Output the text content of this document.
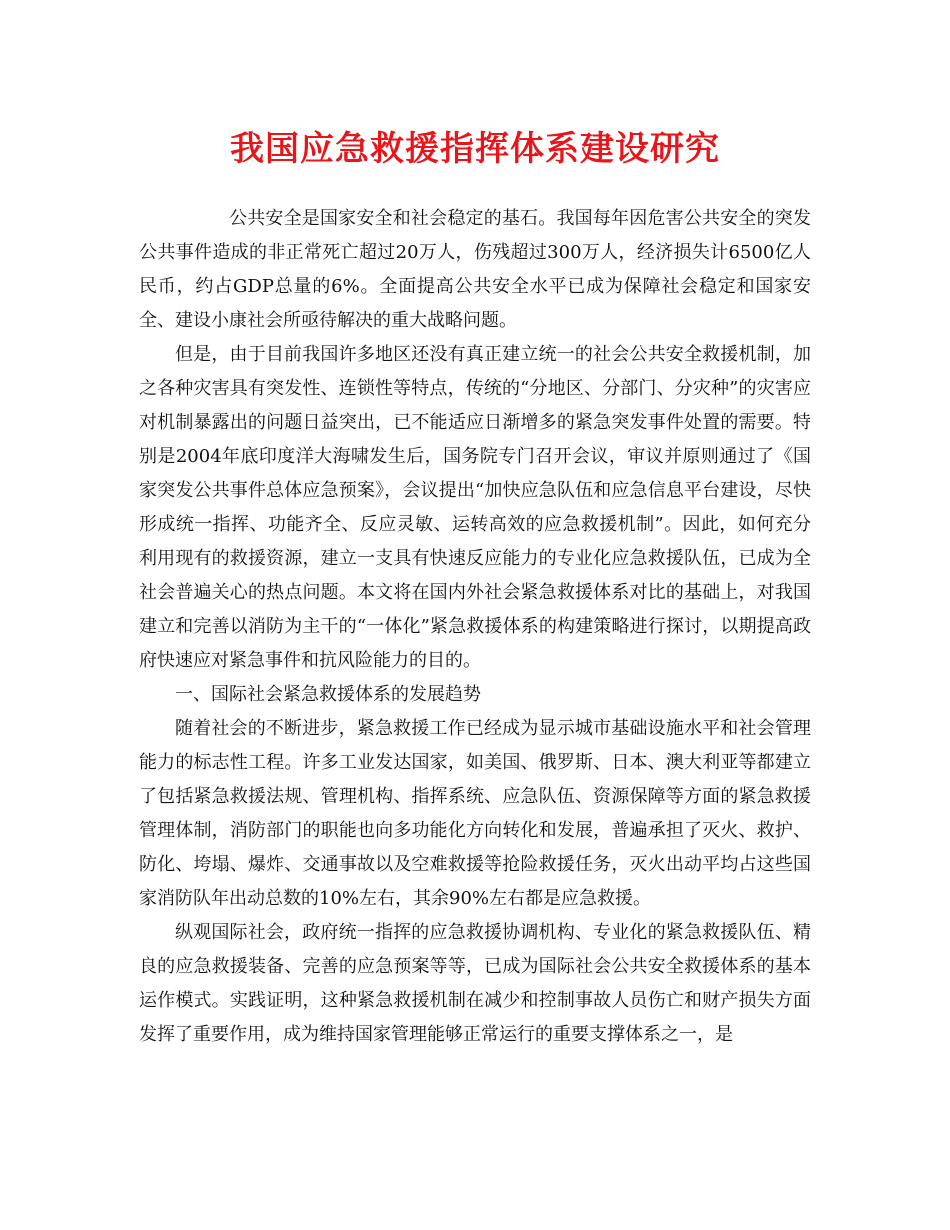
我国应急救援指挥体系建设研究

公共安全是国家安全和社会稳定的基石。我国每年因危害公共安全的突发公共事件造成的非正常死亡超过20万人，伤残超过300万人，经济损失计6500亿人民币，约占GDP总量的6%。全面提高公共安全水平已成为保障社会稳定和国家安全、建设小康社会所亟待解决的重大战略问题。

但是，由于目前我国许多地区还没有真正建立统一的社会公共安全救援机制，加之各种灾害具有突发性、连锁性等特点，传统的“分地区、分部门、分灾种”的灾害应对机制暴露出的问题日益突出，已不能适应日渐增多的紧急突发事件处置的需要。特别是2004年底印度洋大海啸发生后，国务院专门召开会议，审议并原则通过了《国家突发公共事件总体应急预案》，会议提出“加快应急队伍和应急信息平台建设，尽快形成统一指挥、功能齐全、反应灵敏、运转高效的应急救援机制”。因此，如何充分利用现有的救援资源，建立一支具有快速反应能力的专业化应急救援队伍，已成为全社会普遍关心的热点问题。本文将在国内外社会紧急救援体系对比的基础上，对我国建立和完善以消防为主干的“一体化”紧急救援体系的构建策略进行探讨，以期提高政府快速应对紧急事件和抗风险能力的目的。

一、国际社会紧急救援体系的发展趋势

随着社会的不断进步，紧急救援工作已经成为显示城市基础设施水平和社会管理能力的标志性工程。许多工业发达国家，如美国、俄罗斯、日本、澳大利亚等都建立了包括紧急救援法规、管理机构、指挥系统、应急队伍、资源保障等方面的紧急救援管理体制，消防部门的职能也向多功能化方向转化和发展，普遍承担了灭火、救护、防化、垮塌、爆炸、交通事故以及空难救援等抢险救援任务，灭火出动平均占这些国家消防队年出动总数的10%左右，其余90%左右都是应急救援。

纵观国际社会，政府统一指挥的应急救援协调机构、专业化的紧急救援队伍、精良的应急救援装备、完善的应急预案等等，已成为国际社会公共安全救援体系的基本运作模式。实践证明，这种紧急救援机制在减少和控制事故人员伤亡和财产损失方面发挥了重要作用，成为维持国家管理能够正常运行的重要支撑体系之一，是
